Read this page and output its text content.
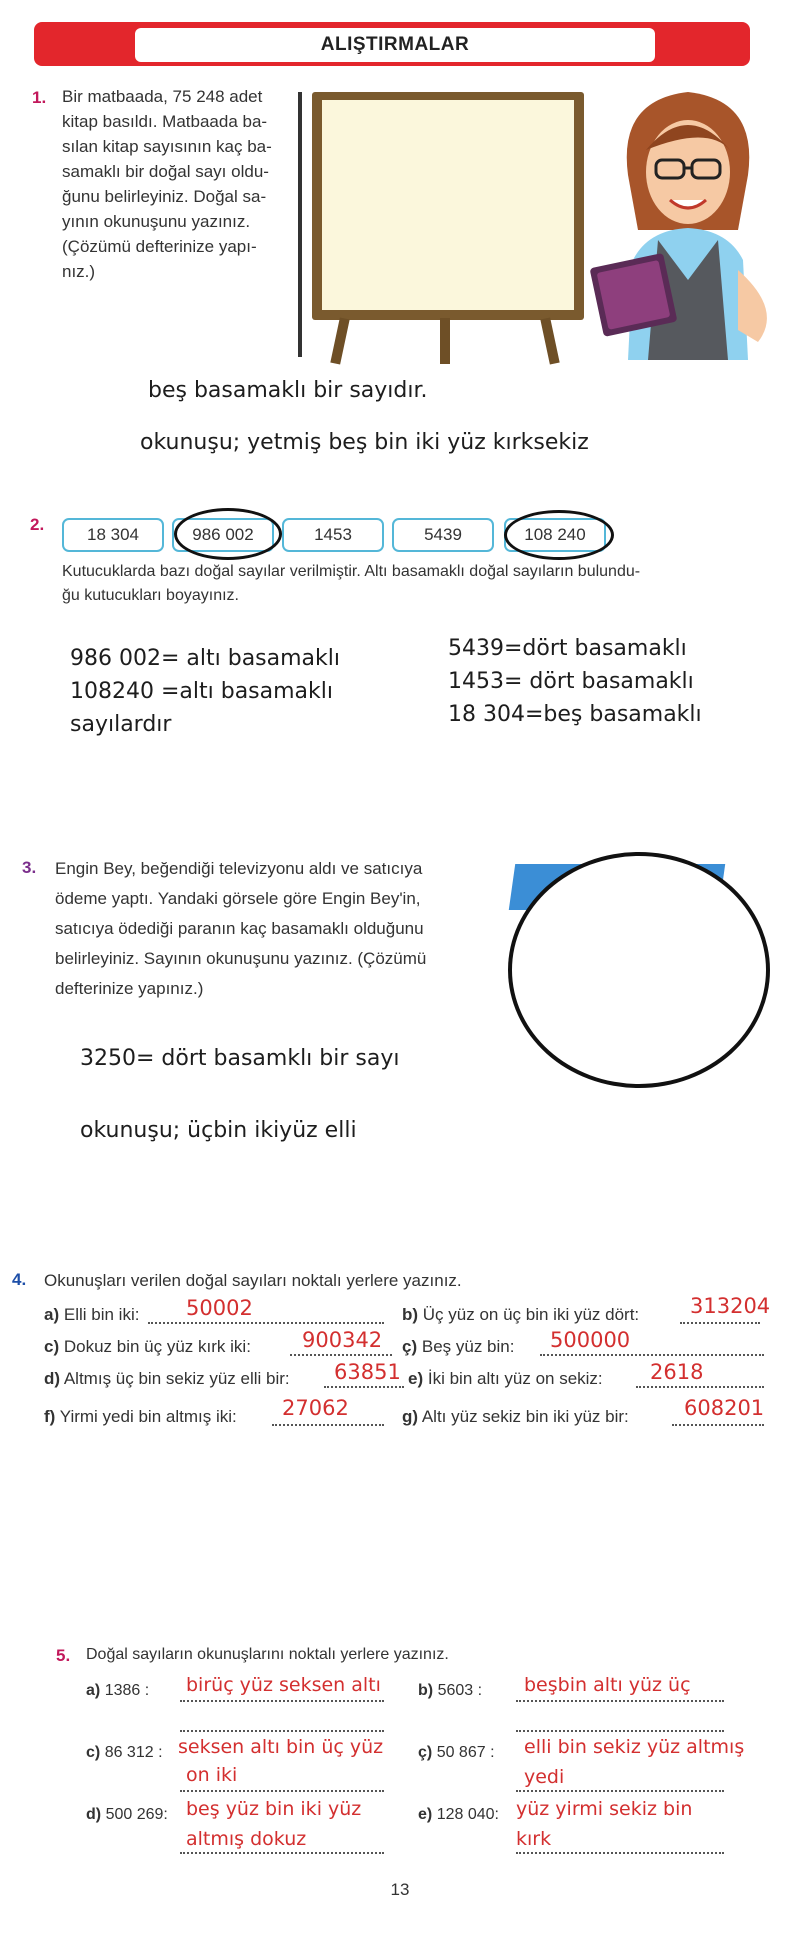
ALIŞTIRMALAR
1. Bir matbaada, 75 248 adet
kitap basıldı. Matbaada ba-
sılan kitap sayısının kaç ba-
samaklı bir doğal sayı oldu-
ğunu belirleyiniz. Doğal sa-
yının okunuşunu yazınız.
(Çözümü defterinize yapı-
nız.)
beş basamaklı bir sayıdır.
okunuşu; yetmiş beş bin iki yüz kırksekiz
2.
18 304	986 002	1453	5439	108 240
Kutucuklarda bazı doğal sayılar verilmiştir. Altı basamaklı doğal sayıların bulundu-
ğu kutucukları boyayınız.
986 002= altı basamaklı
108240 =altı basamaklı
sayılardır
5439=dört basamaklı
1453= dört basamaklı
18 304=beş basamaklı
3. Engin Bey, beğendiği televizyonu aldı ve satıcıya
ödeme yaptı. Yandaki görsele göre Engin Bey'in,
satıcıya ödediği paranın kaç basamaklı olduğunu
belirleyiniz. Sayının okunuşunu yazınız. (Çözümü
defterinize yapınız.)
3250= dört basamklı bir sayı
okunuşu; üçbin ikiyüz elli
4. Okunuşları verilen doğal sayıları noktalı yerlere yazınız.
a) Elli bin iki: 50002	b) Üç yüz on üç bin iki yüz dört: 313204
c) Dokuz bin üç yüz kırk iki: 900342 ç) Beş yüz bin: 500000
d) Altmış üç bin sekiz yüz elli bir: 63851 e) İki bin altı yüz on sekiz: 2618
f) Yirmi yedi bin altmış iki: 27062	g) Altı yüz sekiz bin iki yüz bir:	608201
5. Doğal sayıların okunuşlarını noktalı yerlere yazınız.
a) 1386 : birüç yüz seksen altı b) 5603 : beşbin altı yüz üç
c) 86 312 : seksen altı bin üç yüz
on iki
ç) 50 867 : elli bin sekiz yüz altmış
yedi
d) 500 269: beş yüz bin iki yüz
altmış dokuz
e) 128 040: yüz yirmi sekiz bin
kırk
13
